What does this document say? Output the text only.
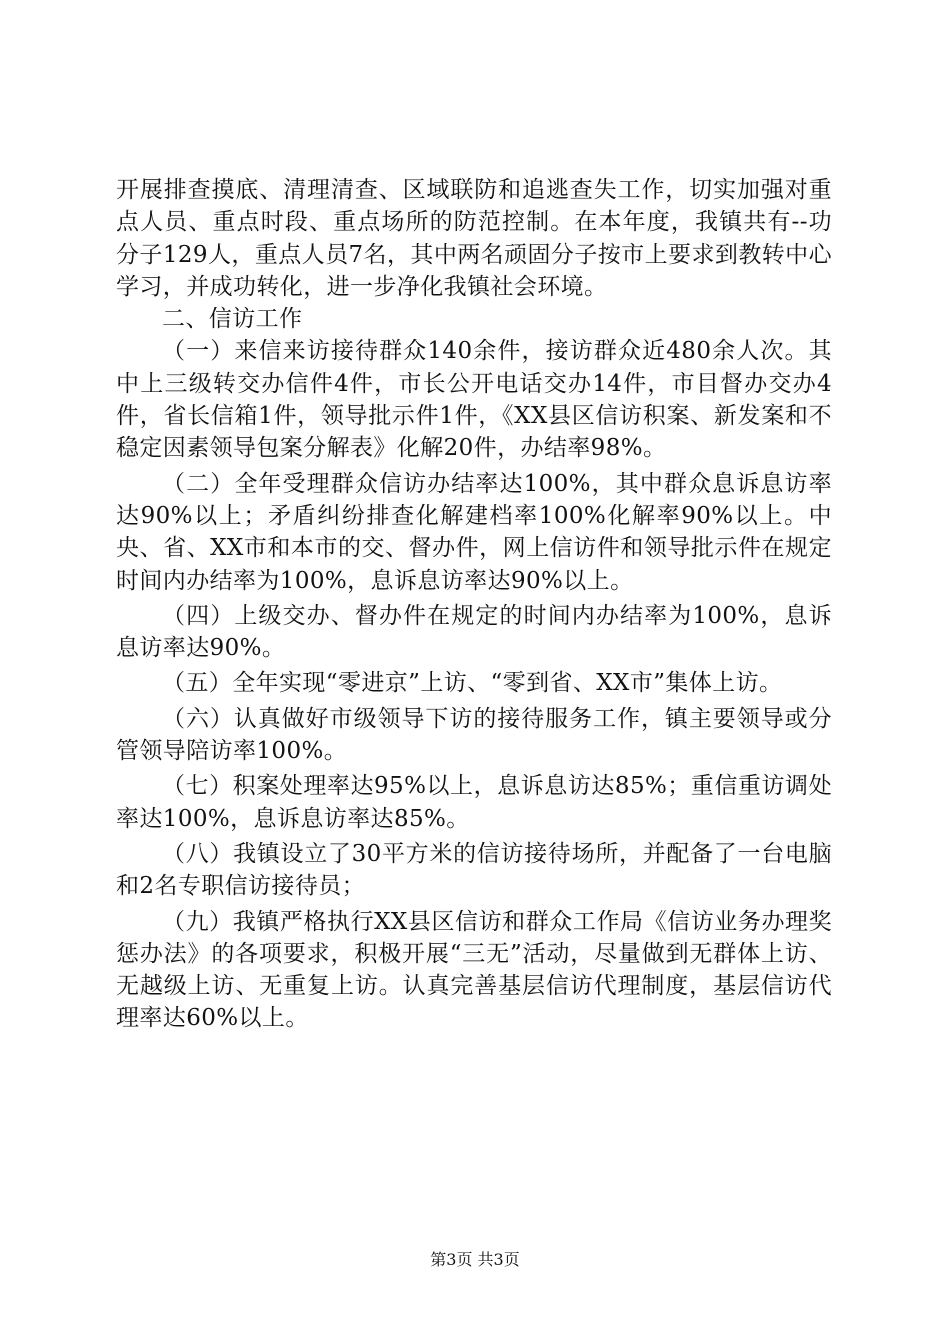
开展排查摸底、清理清查、区域联防和追逃查失工作，切实加强对重点人员、重点时段、重点场所的防范控制。在本年度，我镇共有--功分子129人，重点人员7名，其中两名顽固分子按市上要求到教转中心学习，并成功转化，进一步净化我镇社会环境。

二、信访工作

（一）来信来访接待群众140余件，接访群众近480余人次。其中上三级转交办信件4件，市长公开电话交办14件，市目督办交办4件，省长信箱1件，领导批示件1件，《XX县区信访积案、新发案和不稳定因素领导包案分解表》化解20件，办结率98%。

（二）全年受理群众信访办结率达100%，其中群众息诉息访率达90%以上；矛盾纠纷排查化解建档率100%化解率90%以上。中央、省、XX市和本市的交、督办件，网上信访件和领导批示件在规定时间内办结率为100%，息诉息访率达90%以上。

（四）上级交办、督办件在规定的时间内办结率为100%，息诉息访率达90%。

（五）全年实现“零进京”上访、“零到省、XX市”集体上访。

（六）认真做好市级领导下访的接待服务工作，镇主要领导或分管领导陪访率100%。

（七）积案处理率达95%以上，息诉息访达85%；重信重访调处率达100%，息诉息访率达85%。

（八）我镇设立了30平方米的信访接待场所，并配备了一台电脑和2名专职信访接待员；

（九）我镇严格执行XX县区信访和群众工作局《信访业务办理奖惩办法》的各项要求，积极开展“三无”活动，尽量做到无群体上访、无越级上访、无重复上访。认真完善基层信访代理制度，基层信访代理率达60%以上。

第3页 共3页
